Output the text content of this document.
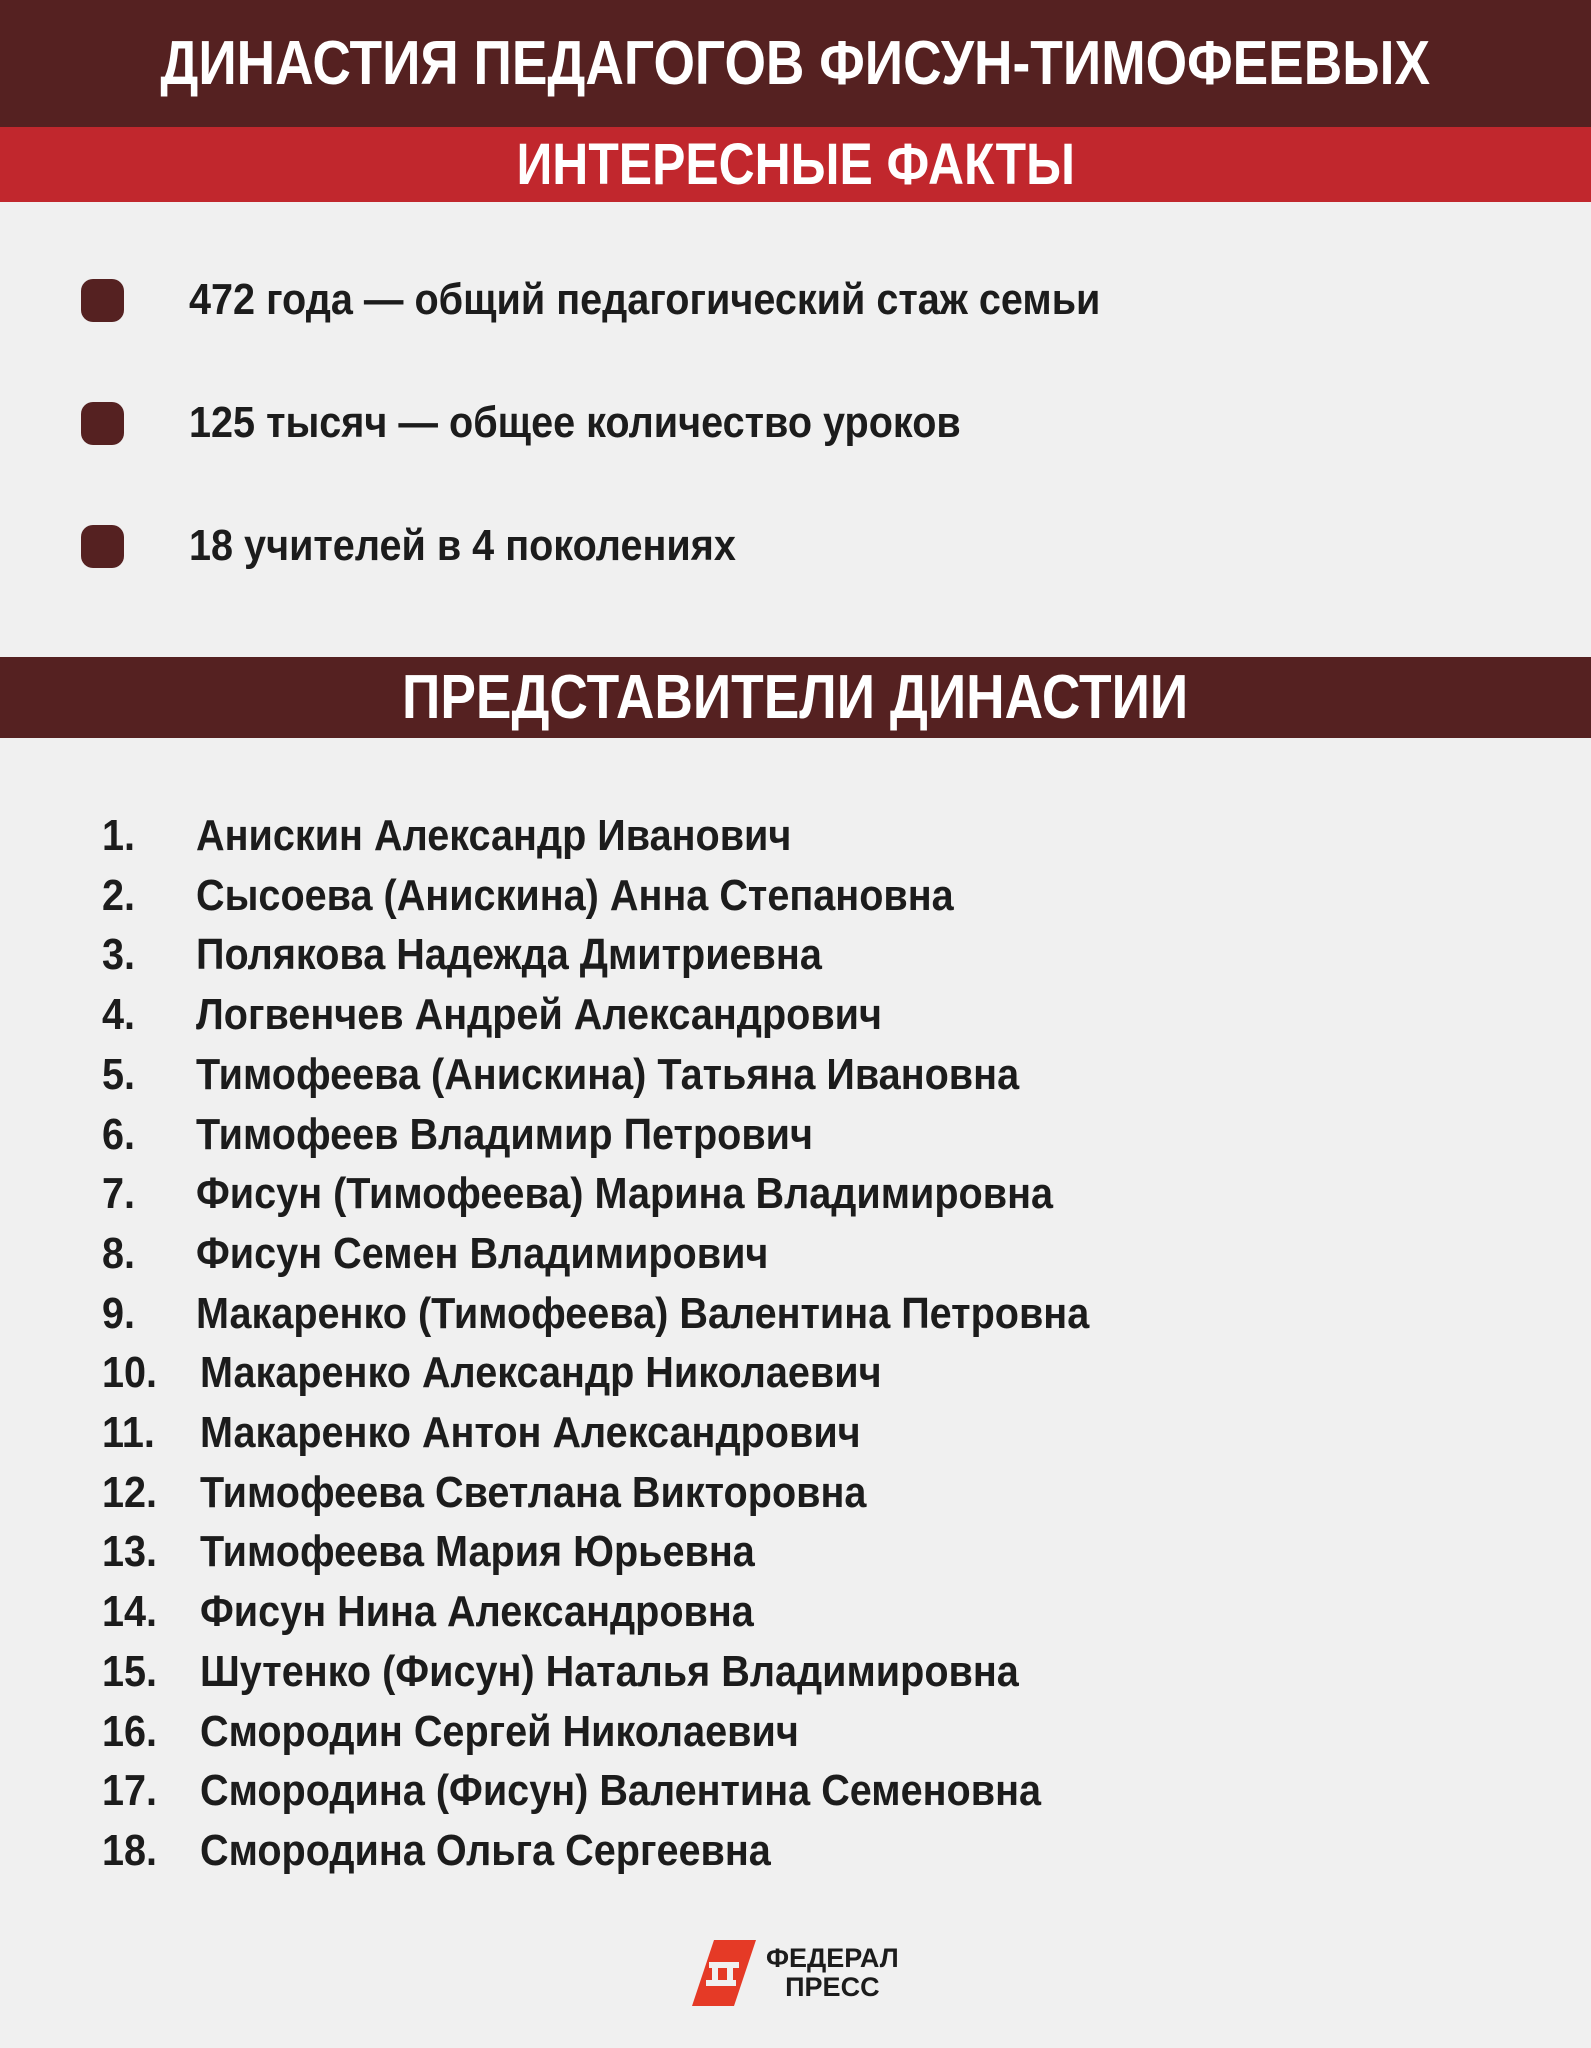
ДИНАСТИЯ ПЕДАГОГОВ ФИСУН-ТИМОФЕЕВЫХ
ИНТЕРЕСНЫЕ ФАКТЫ
472 года — общий педагогический стаж семьи
125 тысяч — общее количество уроков
18 учителей в 4 поколениях
ПРЕДСТАВИТЕЛИ ДИНАСТИИ
1.	Анискин Александр Иванович
2.	Сысоева (Анискина) Анна Степановна
3.	Полякова Надежда Дмитриевна
4.	Логвенчев Андрей Александрович
5.	Тимофеева (Анискина) Татьяна Ивановна
6.	Тимофеев Владимир Петрович
7.	Фисун (Тимофеева) Марина Владимировна
8.	Фисун Семен Владимирович
9.	Макаренко (Тимофеева) Валентина Петровна
10. Макаренко Александр Николаевич
11.	Макаренко Антон Александрович
12. Тимофеева Светлана Викторовна
13. Тимофеева Мария Юрьевна
14. Фисун Нина Александровна
15. Шутенко (Фисун) Наталья Владимировна
16. Смородин Сергей Николаевич
17. Смородина (Фисун) Валентина Семеновна
18. Смородина Ольга Сергеевна
ФЕДЕРАЛ
ПРЕСС
